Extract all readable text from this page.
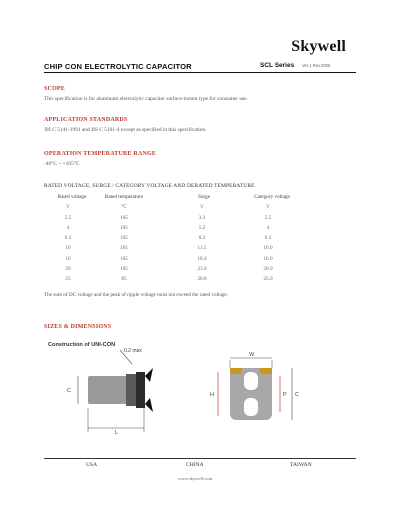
Skywell
CHIP CON ELECTROLYTIC CAPACITOR	SCL Series Ver.1 Rev.2008
SCOPE
This specification is for aluminum electrolytic capacitor surface-mount type for consumer use.
APPLICATION STANDARDS
JIS C 5141-1991 and JIS C 5101-4 except as specified in this specification.
OPERATION TEMPERATURE RANGE
-40°C ~ +105°C
RATED VOLTAGE, SURGE / CATEGORY VOLTAGE AND DERATED TEMPERATURE
Rated voltage	Rated temperature	Surge	Category voltage
V	°C	V	V
2.5	105	3.3	2.5
4	105	5.2	4
6.3	105	8.2	6.3
10	105	11.5	10.0
16	105	18.4	16.0
20	105	23.0	20.0
25	85	28.8	25.0
The sum of DC voltage and the peak of ripple voltage must not exceed the rated voltage.
SIZES & DIMENSIONS
Construction of UNI-CON
0.2 max
C
L
W
H	P C
USA	CHINA	TAIWAN
www.skywell.com
